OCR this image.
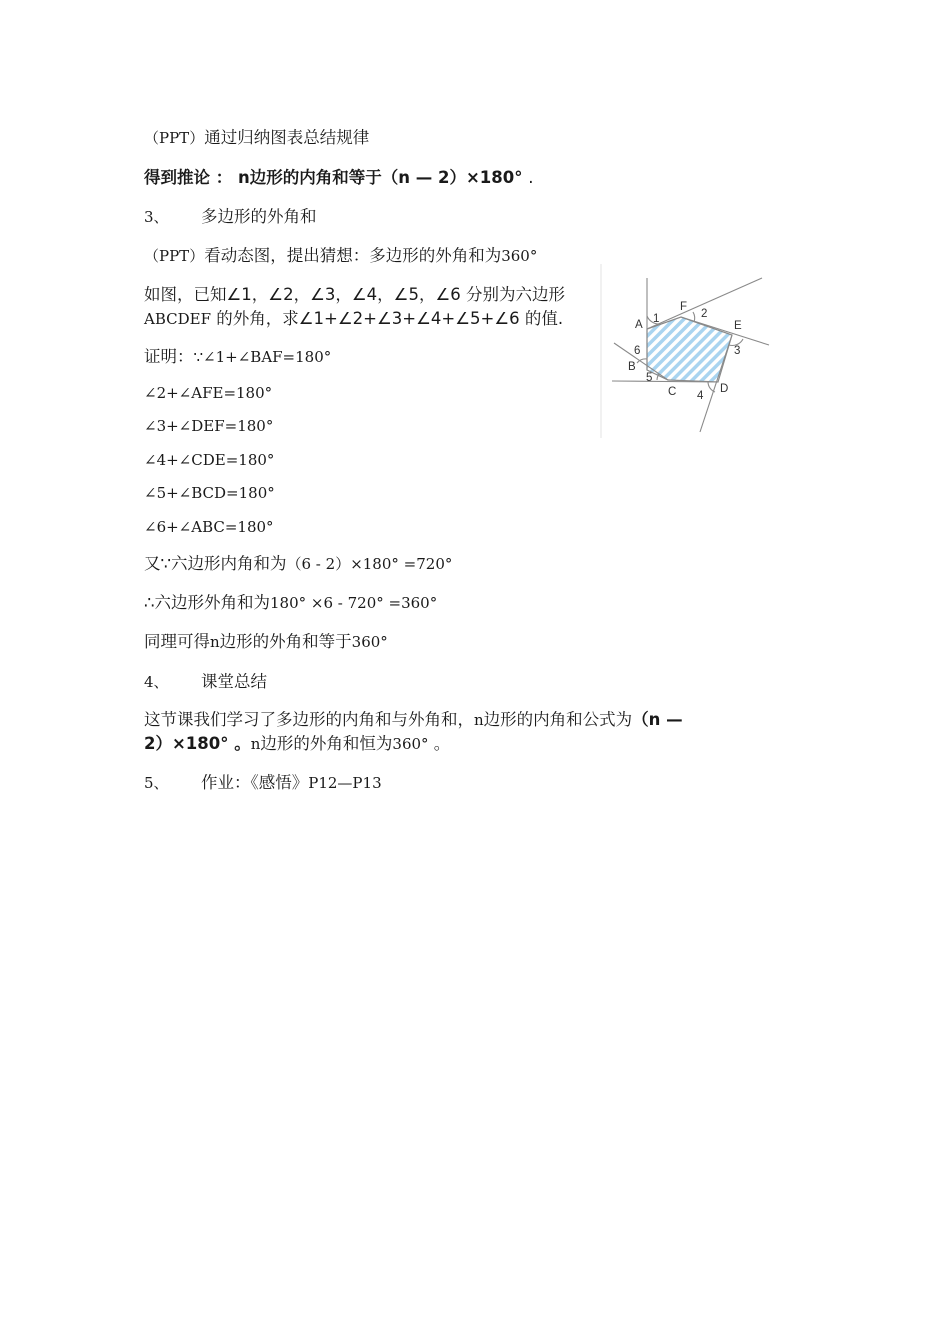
（PPT）通过归纳图表总结规律
得到推论 ： n边形的内角和等于（n — 2）×180° .
3、 多边形的外角和
（PPT）看动态图，提出猜想：多边形的外角和为360°
如图，已知∠1，∠2，∠3，∠4，∠5，∠6 分别为六边形
ABCDEF 的外角，求∠1+∠2+∠3+∠4+∠5+∠6 的值.
证明：∵∠1+∠BAF=180°
∠2+∠AFE=180°
∠3+∠DEF=180°
∠4+∠CDE=180°
∠5+∠BCD=180°
∠6+∠ABC=180°
又∵六边形内角和为（6 - 2）×180° =720°
∴六边形外角和为180° ×6 - 720° =360°
同理可得n边形的外角和等于360°
4、 课堂总结
这节课我们学习了多边形的内角和与外角和，n边形的内角和公式为（n —
2）×180° 。n边形的外角和恒为360° 。
5、 作业：《感悟》P12—P13
A
B
C	D
E
F
1	2
3
4
5
6
